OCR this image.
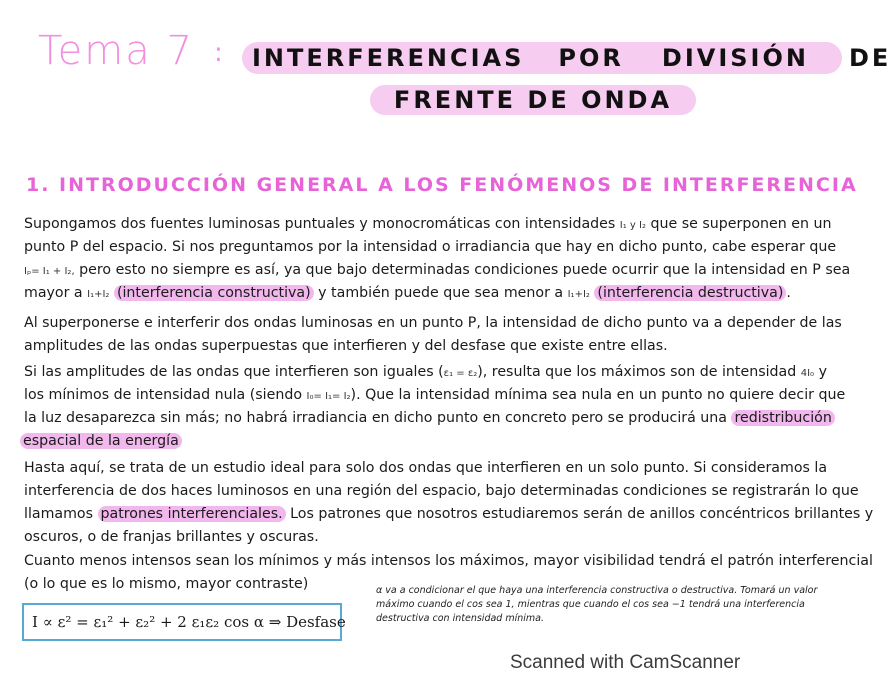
Tema 7 :	INTERFERENCIAS POR DIVISIÓN DE
FRENTE DE ONDA
1. INTRODUCCIÓN GENERAL A LOS FENÓMENOS DE INTERFERENCIA
Supongamos dos fuentes luminosas puntuales y monocromáticas con intensidades I₁ y I₂ que se superponen en un
punto P del espacio. Si nos preguntamos por la intensidad o irradiancia que hay en dicho punto, cabe esperar que
Iₚ= I₁ + I₂, pero esto no siempre es así, ya que bajo determinadas condiciones puede ocurrir que la intensidad en P sea
mayor a I₁+I₂ (interferencia constructiva) y también puede que sea menor a I₁+I₂ (interferencia destructiva) .
Al superponerse e interferir dos ondas luminosas en un punto P, la intensidad de dicho punto va a depender de las
amplitudes de las ondas superpuestas que interfieren y del desfase que existe entre ellas.
Si las amplitudes de las ondas que interfieren son iguales (ε₁ = ε₂), resulta que los máximos son de intensidad 4I₀ y
los mínimos de intensidad nula (siendo I₀= I₁= I₂). Que la intensidad mínima sea nula en un punto no quiere decir que
la luz desaparezca sin más; no habrá irradiancia en dicho punto en concreto pero se producirá una redistribución
espacial de la energía
Hasta aquí, se trata de un estudio ideal para solo dos ondas que interfieren en un solo punto. Si consideramos la
interferencia de dos haces luminosos en una región del espacio, bajo determinadas condiciones se registrarán lo que
llamamos patrones interferenciales. Los patrones que nosotros estudiaremos serán de anillos concéntricos brillantes y
oscuros, o de franjas brillantes y oscuras.
Cuanto menos intensos sean los mínimos y más intensos los máximos, mayor visibilidad tendrá el patrón interferencial
(o lo que es lo mismo, mayor contraste)
I ∝ ε² = ε₁² + ε₂² + 2 ε₁ε₂ cos α ⇒ Desfase
α va a condicionar el que haya una interferencia constructiva o destructiva. Tomará un valor máximo cuando el cos sea 1, mientras que cuando el cos sea −1 tendrá una interferencia destructiva con intensidad mínima.
Scanned with CamScanner
